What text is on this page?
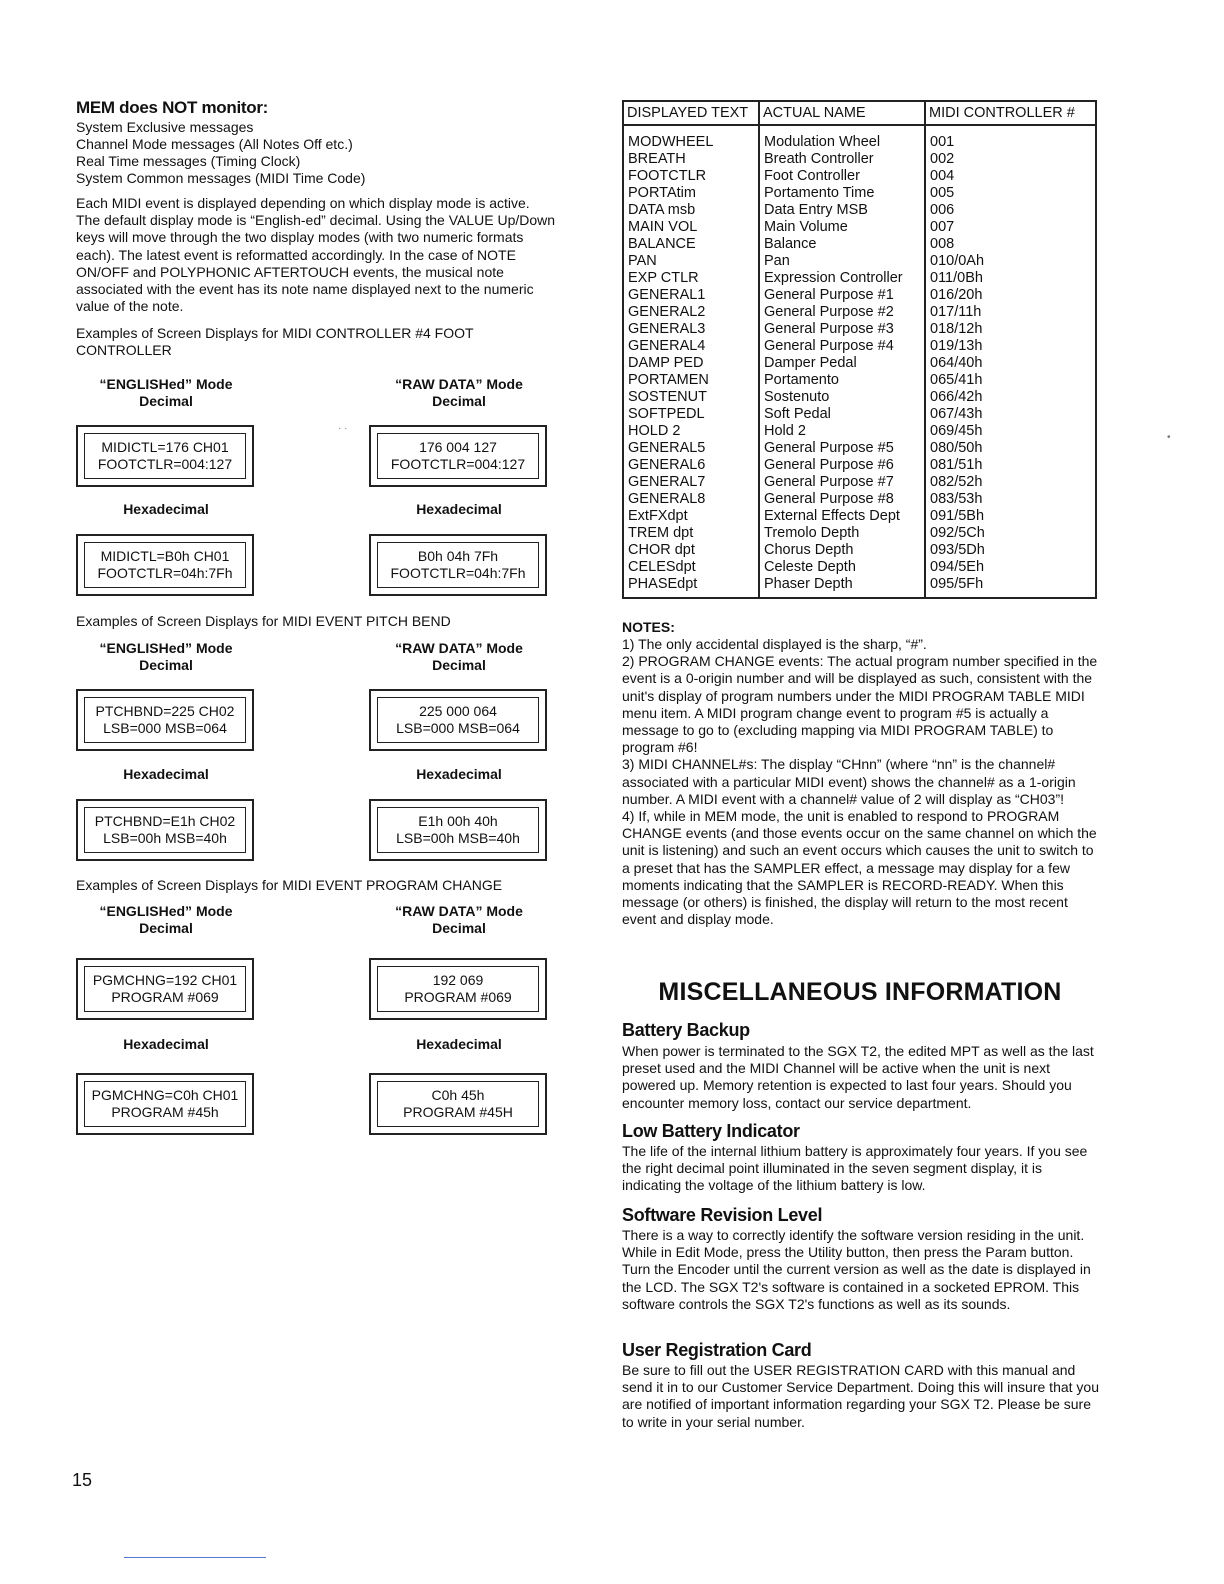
MEM does NOT monitor:
System Exclusive messages
Channel Mode messages (All Notes Off etc.)
Real Time messages (Timing Clock)
System Common messages (MIDI Time Code)
Each MIDI event is displayed depending on which display mode is active. The default display mode is “English-ed” decimal. Using the VALUE Up/Down keys will move through the two display modes (with two numeric formats each). The latest event is reformatted accordingly. In the case of NOTE ON/OFF and POLYPHONIC AFTERTOUCH events, the musical note associated with the event has its note name displayed next to the numeric value of the note.
Examples of Screen Displays for MIDI CONTROLLER #4 FOOT CONTROLLER
“ENGLISHed” Mode
Decimal
“RAW DATA” Mode
Decimal
MIDICTL=176 CH01
FOOTCTLR=004:127
· ·
176 004 127
FOOTCTLR=004:127
Hexadecimal	Hexadecimal
MIDICTL=B0h CH01
FOOTCTLR=04h:7Fh
B0h 04h 7Fh
FOOTCTLR=04h:7Fh
Examples of Screen Displays for MIDI EVENT PITCH BEND
“ENGLISHed” Mode
Decimal
“RAW DATA” Mode
Decimal
PTCHBND=225 CH02
LSB=000 MSB=064
225 000 064
LSB=000 MSB=064
Hexadecimal	Hexadecimal
PTCHBND=E1h CH02
LSB=00h MSB=40h
E1h 00h 40h
LSB=00h MSB=40h
Examples of Screen Displays for MIDI EVENT PROGRAM CHANGE
“ENGLISHed” Mode
Decimal
“RAW DATA” Mode
Decimal
PGMCHNG=192 CH01
PROGRAM #069
192 069
PROGRAM #069
Hexadecimal	Hexadecimal
PGMCHNG=C0h CH01
PROGRAM #45h
C0h 45h
PROGRAM #45H
DISPLAYED TEXT	ACTUAL NAME	MIDI CONTROLLER #
MODWHEEL	Modulation Wheel	001
BREATH	Breath Controller	002
FOOTCTLR	Foot Controller	004
PORTAtim	Portamento Time	005
DATA msb	Data Entry MSB	006
MAIN VOL	Main Volume	007
BALANCE	Balance	008
PAN	Pan	010/0Ah
EXP CTLR	Expression Controller	011/0Bh
GENERAL1	General Purpose #1	016/20h
GENERAL2	General Purpose #2	017/11h
GENERAL3	General Purpose #3	018/12h
GENERAL4	General Purpose #4	019/13h
DAMP PED	Damper Pedal	064/40h
PORTAMEN	Portamento	065/41h
SOSTENUT	Sostenuto	066/42h
SOFTPEDL	Soft Pedal	067/43h
HOLD 2	Hold 2	069/45h
GENERAL5	General Purpose #5	080/50h
GENERAL6	General Purpose #6	081/51h
GENERAL7	General Purpose #7	082/52h
GENERAL8	General Purpose #8	083/53h
ExtFXdpt	External Effects Dept	091/5Bh
TREM dpt	Tremolo Depth	092/5Ch
CHOR dpt	Chorus Depth	093/5Dh
CELESdpt	Celeste Depth	094/5Eh
PHASEdpt	Phaser Depth	095/5Fh
•
NOTES:
1) The only accidental displayed is the sharp, “#”.
2) PROGRAM CHANGE events: The actual program number specified in the event is a 0-origin number and will be displayed as such, consistent with the unit's display of program numbers under the MIDI PROGRAM TABLE MIDI menu item. A MIDI program change event to program #5 is actually a message to go to (excluding mapping via MIDI PROGRAM TABLE) to program #6!
3) MIDI CHANNEL#s: The display “CHnn” (where “nn” is the channel# associated with a particular MIDI event) shows the channel# as a 1-origin number. A MIDI event with a channel# value of 2 will display as “CH03”!
4) If, while in MEM mode, the unit is enabled to respond to PROGRAM CHANGE events (and those events occur on the same channel on which the unit is listening) and such an event occurs which causes the unit to switch to a preset that has the SAMPLER effect, a message may display for a few moments indicating that the SAMPLER is RECORD-READY. When this message (or others) is finished, the display will return to the most recent event and display mode.
MISCELLANEOUS INFORMATION
Battery Backup
When power is terminated to the SGX T2, the edited MPT as well as the last preset used and the MIDI Channel will be active when the unit is next powered up. Memory retention is expected to last four years. Should you encounter memory loss, contact our service department.
Low Battery Indicator
The life of the internal lithium battery is approximately four years. If you see the right decimal point illuminated in the seven segment display, it is indicating the voltage of the lithium battery is low.
Software Revision Level
There is a way to correctly identify the software version residing in the unit. While in Edit Mode, press the Utility button, then press the Param button. Turn the Encoder until the current version as well as the date is displayed in the LCD. The SGX T2's software is contained in a socketed EPROM. This software controls the SGX T2's functions as well as its sounds.
User Registration Card
Be sure to fill out the USER REGISTRATION CARD with this manual and send it in to our Customer Service Department. Doing this will insure that you are notified of important information regarding your SGX T2. Please be sure to write in your serial number.
15
